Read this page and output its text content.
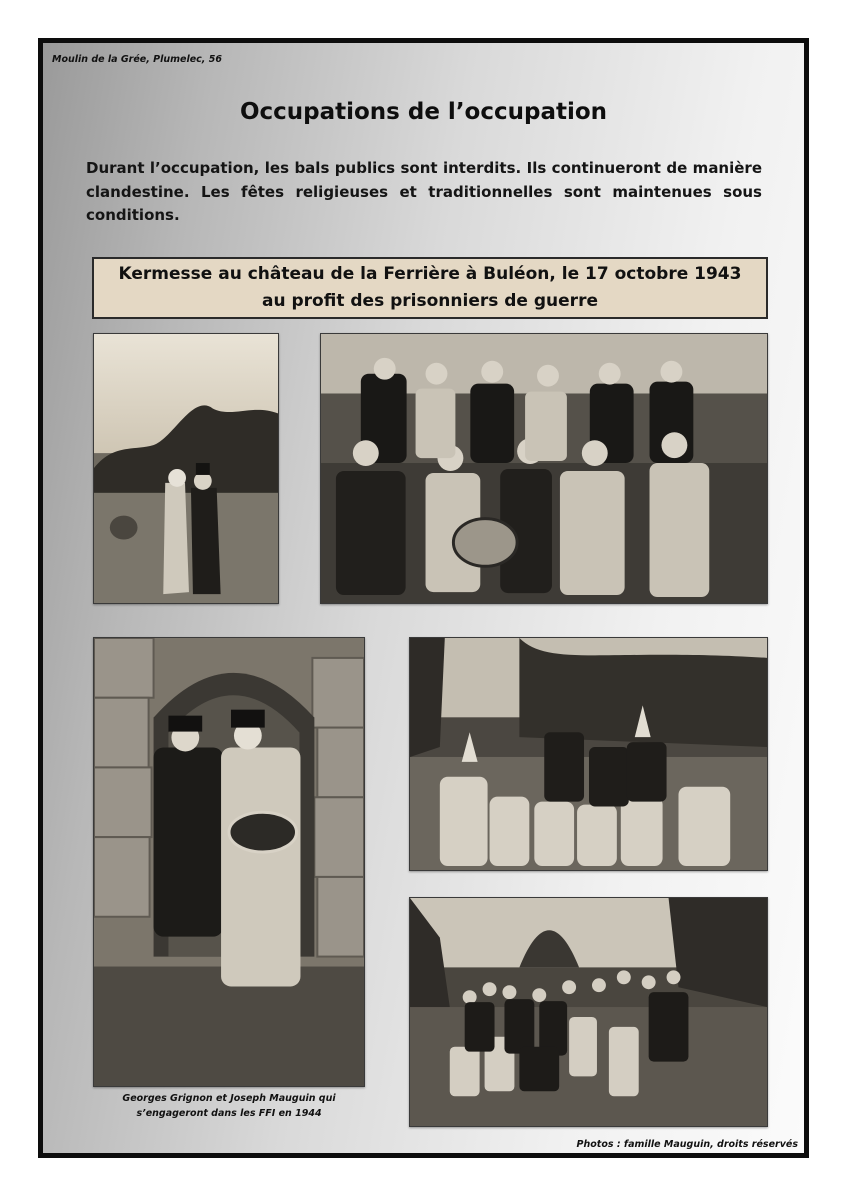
Moulin de la Grée, Plumelec, 56
Occupations de l’occupation
Durant l’occupation, les bals publics sont interdits. Ils continueront de manière clandestine. Les fêtes religieuses et traditionnelles sont maintenues sous conditions.
Kermesse au château de la Ferrière à Buléon, le 17 octobre 1943
au profit des prisonniers de guerre
Georges Grignon et Joseph Mauguin qui
s’engageront dans les FFI en 1944
Photos : famille Mauguin, droits réservés
